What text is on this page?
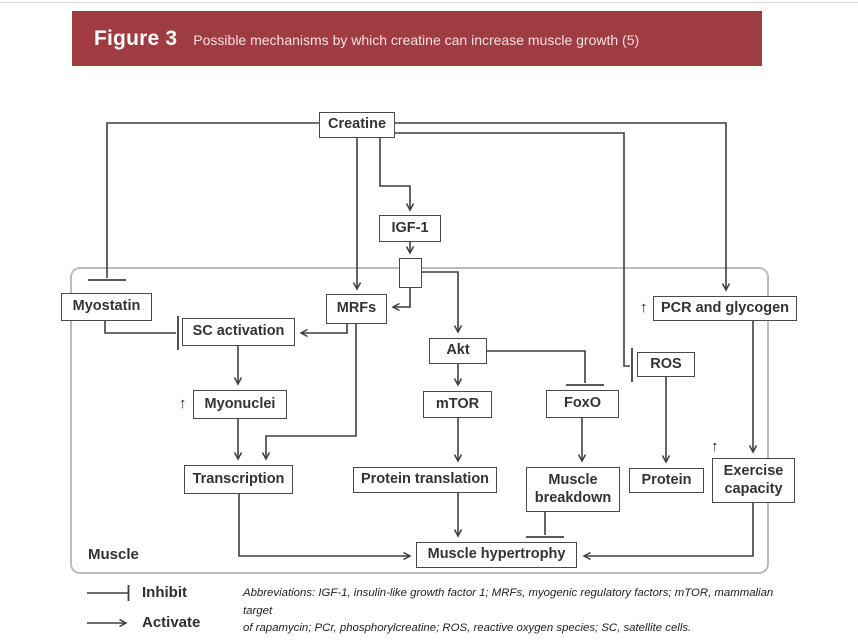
Figure 3 Possible mechanisms by which creatine can increase muscle growth (5)
Creatine
IGF-1
Myostatin
SC activation
MRFs	PCR and glycogen
ROS
Akt
mTOR	FoxO
Myonuclei
Transcription	Protein translation	Muscle breakdown
Protein
Exercise capacity
Muscle hypertrophy
↑
↑
↑
Muscle
Inhibit
Activate
Abbreviations: IGF-1, insulin-like growth factor 1; MRFs, myogenic regulatory factors; mTOR, mammalian target
of rapamycin; PCr, phosphorylcreatine; ROS, reactive oxygen species; SC, satellite cells.
